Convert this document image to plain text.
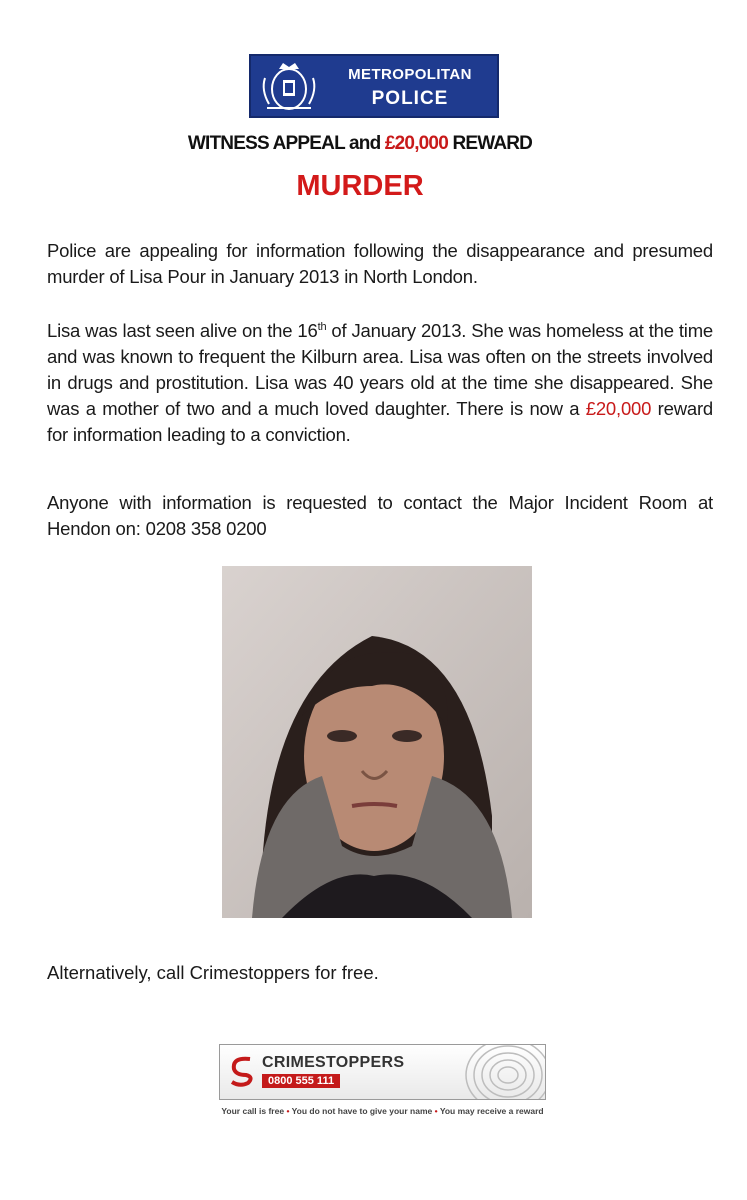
METROPOLITAN
POLICE
WITNESS APPEAL and £20,000 REWARD
MURDER
Police are appealing for information following the disappearance and presumed murder of Lisa Pour in January 2013 in North London.
Lisa was last seen alive on the 16th of January 2013. She was homeless at the time and was known to frequent the Kilburn area. Lisa was often on the streets involved in drugs and prostitution. Lisa was 40 years old at the time she disappeared. She was a mother of two and a much loved daughter. There is now a £20,000 reward for information leading to a conviction.
Anyone with information is requested to contact the Major Incident Room at Hendon on: 0208 358 0200
Alternatively, call Crimestoppers for free.
CRIMESTOPPERS
0800 555 111
Your call is free • You do not have to give your name • You may receive a reward
